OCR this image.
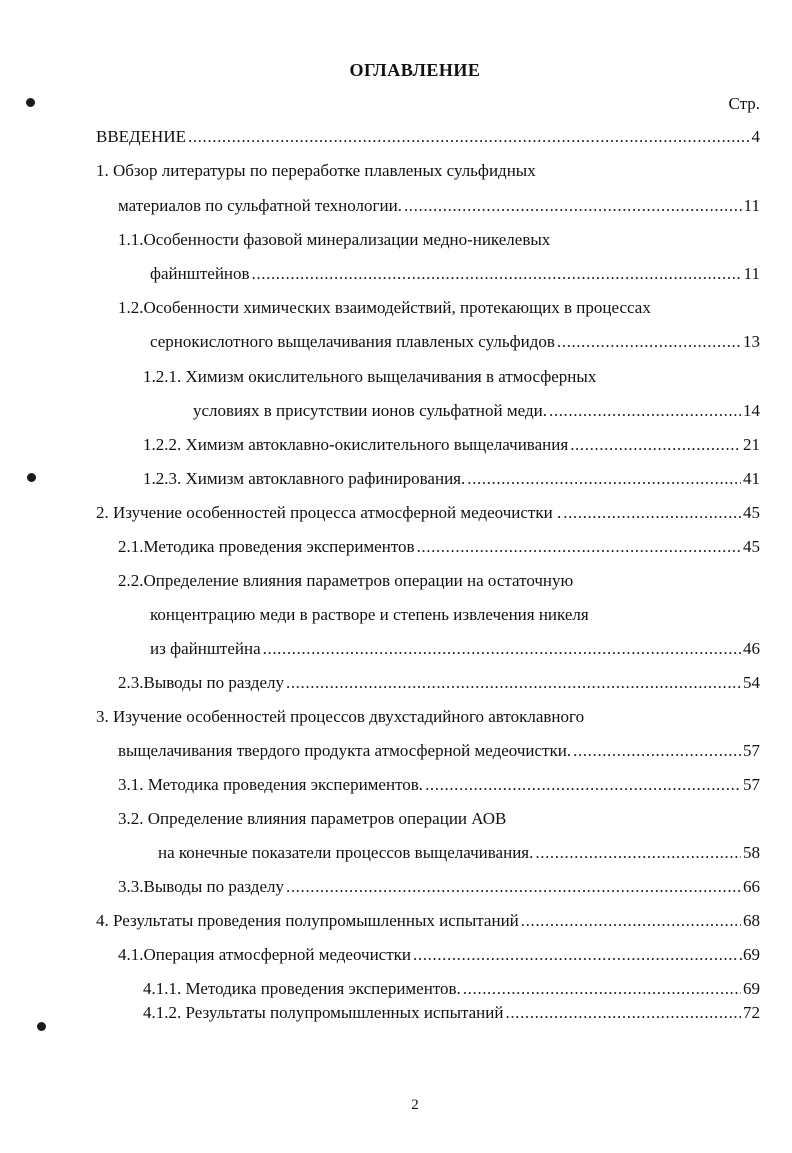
ОГЛАВЛЕНИЕ
Стр.
ВВЕДЕНИЕ .....	4
1. Обзор литературы по переработке плавленых сульфидных
материалов по сульфатной технологии. .....	11
1.1.Особенности фазовой минерализации медно-никелевых
файнштейнов .....	11
1.2.Особенности химических взаимодействий, протекающих в процессах
сернокислотного выщелачивания плавленых сульфидов .....	13
1.2.1. Химизм окислительного выщелачивания в атмосферных
условиях в присутствии ионов сульфатной меди. .....	14
1.2.2. Химизм автоклавно-окислительного выщелачивания .....	21
1.2.3. Химизм автоклавного рафинирования. .....	41
2. Изучение особенностей процесса атмосферной медеочистки . .....	45
2.1.Методика проведения экспериментов .....	45
2.2.Определение влияния параметров операции на остаточную
концентрацию меди в растворе и степень извлечения никеля
из файнштейна .....	46
2.3.Выводы по разделу .....	54
3. Изучение особенностей процессов двухстадийного автоклавного
выщелачивания твердого продукта атмосферной медеочистки. .....	57
3.1. Методика проведения экспериментов. .....	57
3.2. Определение влияния параметров операции АОВ
на конечные показатели процессов выщелачивания. .....	58
3.3.Выводы по разделу .....	66
4. Результаты проведения полупромышленных испытаний .....	68
4.1.Операция атмосферной медеочистки .....	.69
4.1.1. Методика проведения экспериментов. .....	69
4.1.2. Результаты полупромышленных испытаний .....	72
2
